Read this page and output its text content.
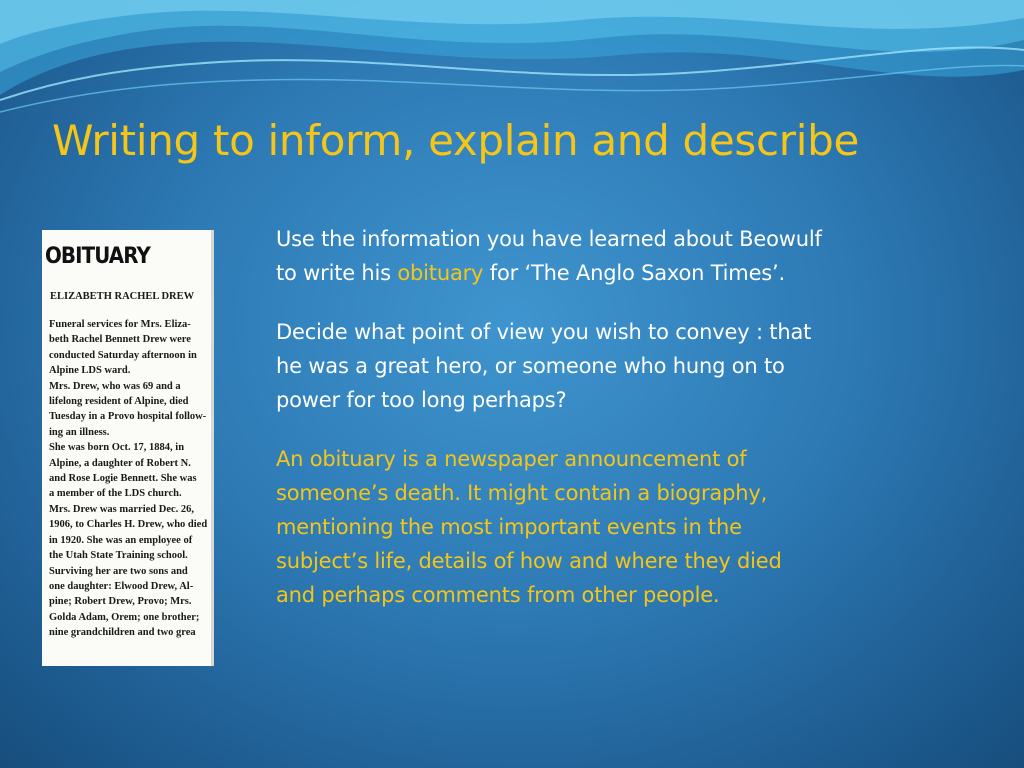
Writing to inform, explain and describe
OBITUARY
ELIZABETH RACHEL DREW
Funeral services for Mrs. Eliza-
beth Rachel Bennett Drew were
conducted Saturday afternoon in
Alpine LDS ward.
Mrs. Drew, who was 69 and a
lifelong resident of Alpine, died
Tuesday in a Provo hospital follow-
ing an illness.
She was born Oct. 17, 1884, in
Alpine, a daughter of Robert N.
and Rose Logie Bennett. She was
a member of the LDS church.
Mrs. Drew was married Dec. 26,
1906, to Charles H. Drew, who died
in 1920. She was an employee of
the Utah State Training school.
Surviving her are two sons and
one daughter: Elwood Drew, Al-
pine; Robert Drew, Provo; Mrs.
Golda Adam, Orem; one brother;
nine grandchildren and two grea

Use the information you have learned about Beowulf
to write his obituary for ‘The Anglo Saxon Times’.

Decide what point of view you wish to convey : that
he was a great hero, or someone who hung on to
power for too long perhaps?

An obituary is a newspaper announcement of
someone’s death. It might contain a biography,
mentioning the most important events in the
subject’s life, details of how and where they died
and perhaps comments from other people.
